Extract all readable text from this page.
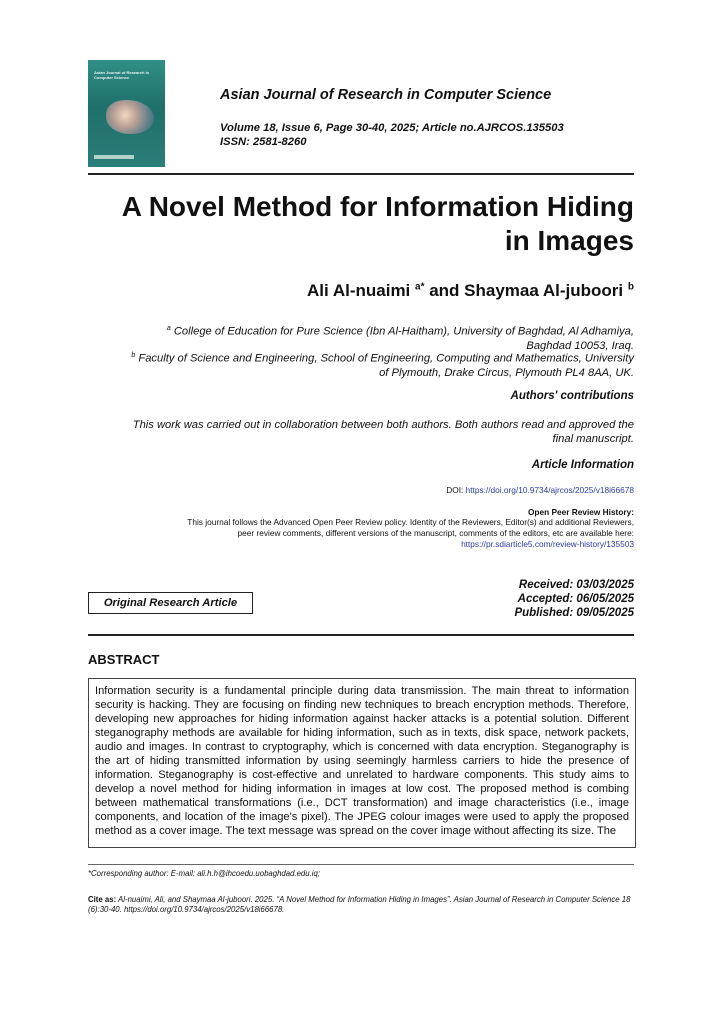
Asian Journal of Research in Computer Science
Asian Journal of Research in Computer Science
Volume 18, Issue 6, Page 30-40, 2025; Article no.AJRCOS.135503
ISSN: 2581-8260
A Novel Method for Information Hiding
in Images
Ali Al-nuaimi $^{a*}$ and Shaymaa Al-juboori $^b$
$^a$ College of Education for Pure Science (Ibn Al-Haitham), University of Baghdad, Al Adhamiya,
Baghdad 10053, Iraq.
$^b$ Faculty of Science and Engineering, School of Engineering, Computing and Mathematics, University
of Plymouth, Drake Circus, Plymouth PL4 8AA, UK.
Authors' contributions
This work was carried out in collaboration between both authors. Both authors read and approved the
final manuscript.
Article Information
DOI: https://doi.org/10.9734/ajrcos/2025/v18i66678
Open Peer Review History:
This journal follows the Advanced Open Peer Review policy. Identity of the Reviewers, Editor(s) and additional Reviewers,
peer review comments, different versions of the manuscript, comments of the editors, etc are available here:
https://pr.sdiarticle5.com/review-history/135503
Original Research Article
Received: 03/03/2025
Accepted: 06/05/2025
Published: 09/05/2025
ABSTRACT

Information security is a fundamental principle during data transmission. The main threat to information security is hacking. They are focusing on finding new techniques to breach encryption methods. Therefore, developing new approaches for hiding information against hacker attacks is a potential solution. Different steganography methods are available for hiding information, such as in texts, disk space, network packets, audio and images. In contrast to cryptography, which is concerned with data encryption. Steganography is the art of hiding transmitted information by using seemingly harmless carriers to hide the presence of information. Steganography is cost-effective and unrelated to hardware components. This study aims to develop a novel method for hiding information in images at low cost. The proposed method is combing between mathematical transformations (i.e., DCT transformation) and image characteristics (i.e., image components, and location of the image's pixel). The JPEG colour images were used to apply the proposed method as a cover image. The text message was spread on the cover image without affecting its size. The

*Corresponding author: E-mail: ali.h.h@ihcoedu.uobaghdad.edu.iq;
Cite as: Al-nuaimi, Ali, and Shaymaa Al-juboori. 2025. “A Novel Method for Information Hiding in Images”. Asian Journal of Research in Computer Science 18 (6):30-40. https://doi.org/10.9734/ajrcos/2025/v18i66678.
